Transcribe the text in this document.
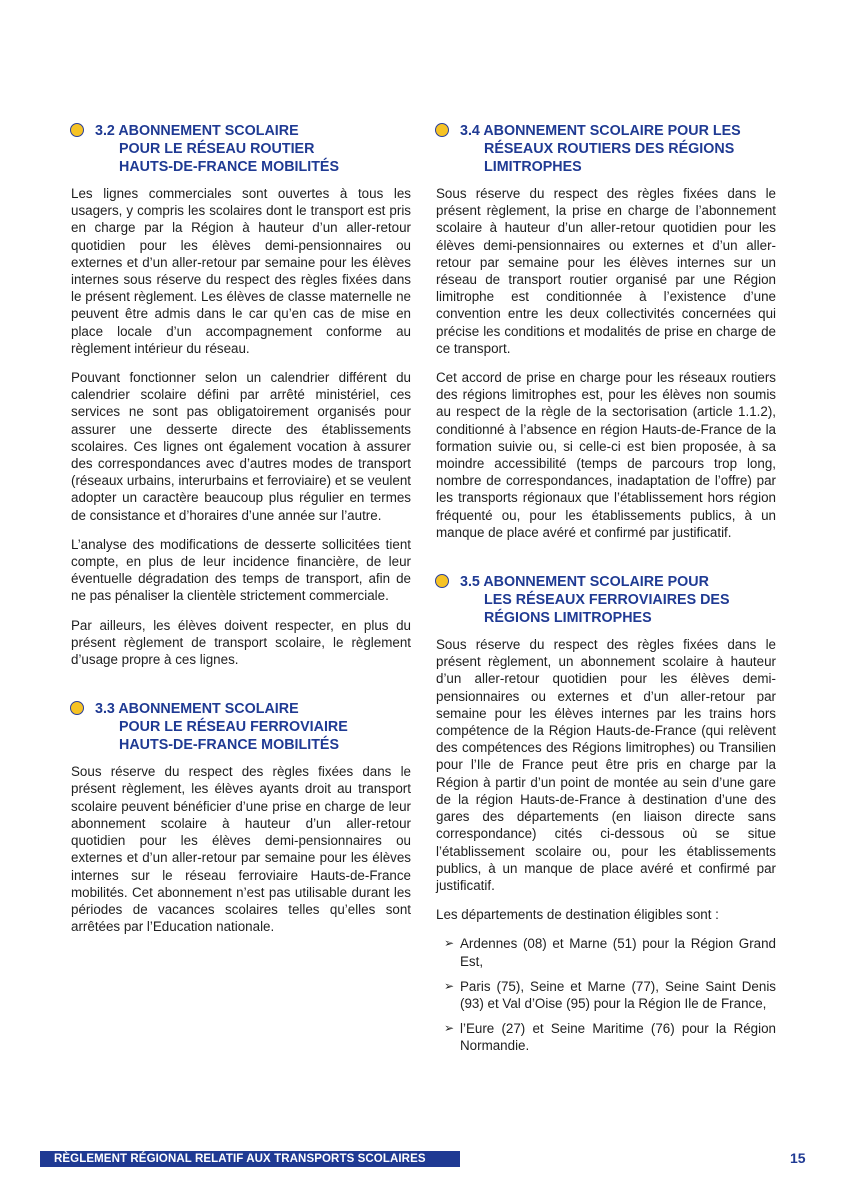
3.2 ABONNEMENT SCOLAIRE
POUR LE RÉSEAU ROUTIER
HAUTS-DE-FRANCE MOBILITÉS

Les lignes commerciales sont ouvertes à tous les usagers, y compris les scolaires dont le transport est pris en charge par la Région à hauteur d’un aller-retour quotidien pour les élèves demi-pensionnaires ou externes et d’un aller-retour par semaine pour les élèves internes sous réserve du respect des règles fixées dans le présent règlement. Les élèves de classe maternelle ne peuvent être admis dans le car qu’en cas de mise en place locale d’un accompagnement conforme au règlement intérieur du réseau.

Pouvant fonctionner selon un calendrier différent du calendrier scolaire défini par arrêté ministériel, ces services ne sont pas obligatoirement organisés pour assurer une desserte directe des établissements scolaires. Ces lignes ont également vocation à assurer des correspondances avec d’autres modes de transport (réseaux urbains, interurbains et ferroviaire) et se veulent adopter un caractère beaucoup plus régulier en termes de consistance et d’horaires d’une année sur l’autre.

L’analyse des modifications de desserte sollicitées tient compte, en plus de leur incidence financière, de leur éventuelle dégradation des temps de transport, afin de ne pas pénaliser la clientèle strictement commerciale.

Par ailleurs, les élèves doivent respecter, en plus du présent règlement de transport scolaire, le règlement d’usage propre à ces lignes.

3.3 ABONNEMENT SCOLAIRE
POUR LE RÉSEAU FERROVIAIRE
HAUTS-DE-FRANCE MOBILITÉS

Sous réserve du respect des règles fixées dans le présent règlement, les élèves ayants droit au transport scolaire peuvent bénéficier d’une prise en charge de leur abonnement scolaire à hauteur d’un aller-retour quotidien pour les élèves demi-pensionnaires ou externes et d’un aller-retour par semaine pour les élèves internes sur le réseau ferroviaire Hauts-de-France mobilités. Cet abonnement n’est pas utilisable durant les périodes de vacances scolaires telles qu’elles sont arrêtées par l’Education nationale.

3.4 ABONNEMENT SCOLAIRE POUR LES
RÉSEAUX ROUTIERS DES RÉGIONS
LIMITROPHES

Sous réserve du respect des règles fixées dans le présent règlement, la prise en charge de l’abonnement scolaire à hauteur d’un aller-retour quotidien pour les élèves demi-pensionnaires ou externes et d’un aller-retour par semaine pour les élèves internes sur un réseau de transport routier organisé par une Région limitrophe est conditionnée à l’existence d’une convention entre les deux collectivités concernées qui précise les conditions et modalités de prise en charge de ce transport.

Cet accord de prise en charge pour les réseaux routiers des régions limitrophes est, pour les élèves non soumis au respect de la règle de la sectorisation (article 1.1.2), conditionné à l’absence en région Hauts-de-France de la formation suivie ou, si celle-ci est bien proposée, à sa moindre accessibilité (temps de parcours trop long, nombre de correspondances, inadaptation de l’offre) par les transports régionaux que l’établissement hors région fréquenté ou, pour les établissements publics, à un manque de place avéré et confirmé par justificatif.

3.5 ABONNEMENT SCOLAIRE POUR
LES RÉSEAUX FERROVIAIRES DES
RÉGIONS LIMITROPHES

Sous réserve du respect des règles fixées dans le présent règlement, un abonnement scolaire à hauteur d’un aller-retour quotidien pour les élèves demi-pensionnaires ou externes et d’un aller-retour par semaine pour les élèves internes par les trains hors compétence de la Région Hauts-de-France (qui relèvent des compétences des Régions limitrophes) ou Transilien pour l’Ile de France peut être pris en charge par la Région à partir d’un point de montée au sein d’une gare de la région Hauts-de-France à destination d’une des gares des départements (en liaison directe sans correspondance) cités ci-dessous où se situe l’établissement scolaire ou, pour les établissements publics, à un manque de place avéré et confirmé par justificatif.

Les départements de destination éligibles sont :

➢ Ardennes (08) et Marne (51) pour la Région Grand Est,
➢ Paris (75), Seine et Marne (77), Seine Saint Denis (93) et Val d’Oise (95) pour la Région Ile de France,
➢ l’Eure (27) et Seine Maritime (76) pour la Région Normandie.
RÈGLEMENT RÉGIONAL RELATIF AUX TRANSPORTS SCOLAIRES	15
